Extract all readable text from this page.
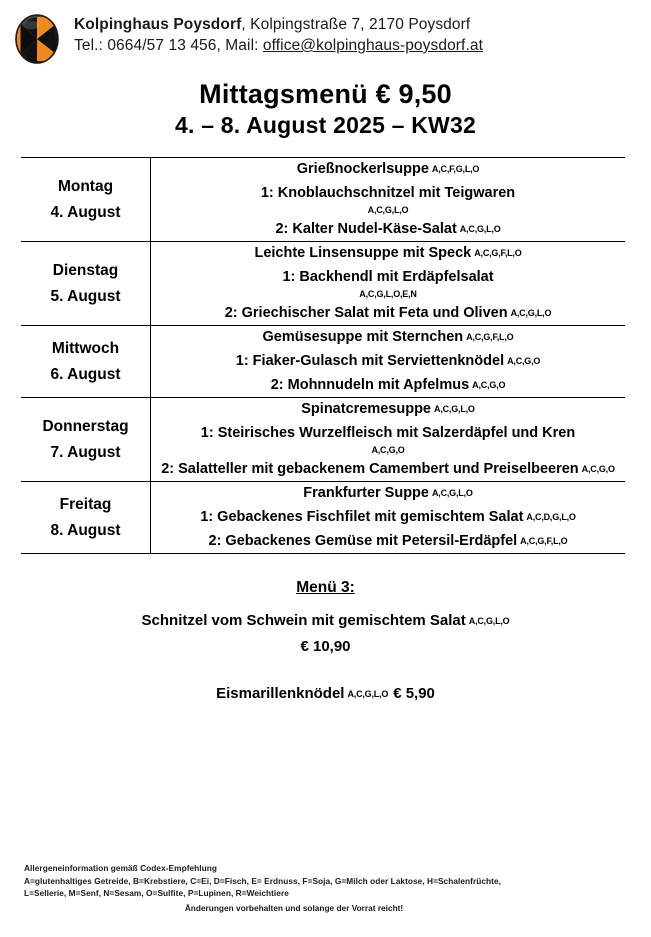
Kolpinghaus Poysdorf, Kolpingstraße 7, 2170 Poysdorf
Tel.: 0664/57 13 456, Mail: office@kolpinghaus-poysdorf.at
Mittagsmenü € 9,50
4. – 8. August 2025 – KW32
Montag
4. August

Grießnockerlsuppe A,C,F,G,L,O
1: Knoblauchschnitzel mit Teigwaren
A,C,G,L,O
2: Kalter Nudel-Käse-Salat A,C,G,L,O

Dienstag
5. August

Leichte Linsensuppe mit Speck A,C,G,F,L,O
1: Backhendl mit Erdäpfelsalat
A,C,G,L,O,E,N
2: Griechischer Salat mit Feta und Oliven A,C,G,L,O

Mittwoch
6. August

Gemüsesuppe mit Sternchen A,C,G,F,L,O
1: Fiaker-Gulasch mit Serviettenknödel A,C,G,O
2: Mohnnudeln mit Apfelmus A,C,G,O

Donnerstag
7. August

Spinatcremesuppe A,C,G,L,O
1: Steirisches Wurzelfleisch mit Salzerdäpfel und Kren
A,C,G,O
2: Salatteller mit gebackenem Camembert und Preiselbeeren A,C,G,O

Freitag
8. August

Frankfurter Suppe A,C,G,L,O
1: Gebackenes Fischfilet mit gemischtem Salat A,C,D,G,L,O
2: Gebackenes Gemüse mit Petersil-Erdäpfel A,C,G,F,L,O
Menü 3:
Schnitzel vom Schwein mit gemischtem Salat A,C,G,L,O
€ 10,90
Eismarillenknödel A,C,G,L,O € 5,90
Allergeneinformation gemäß Codex-Empfehlung
A=glutenhaltiges Getreide, B=Krebstiere, C=Ei, D=Fisch, E= Erdnuss, F=Soja, G=Milch oder Laktose, H=Schalenfrüchte,
L=Sellerie, M=Senf, N=Sesam, O=Sulfite, P=Lupinen, R=Weichtiere
Änderungen vorbehalten und solange der Vorrat reicht!
